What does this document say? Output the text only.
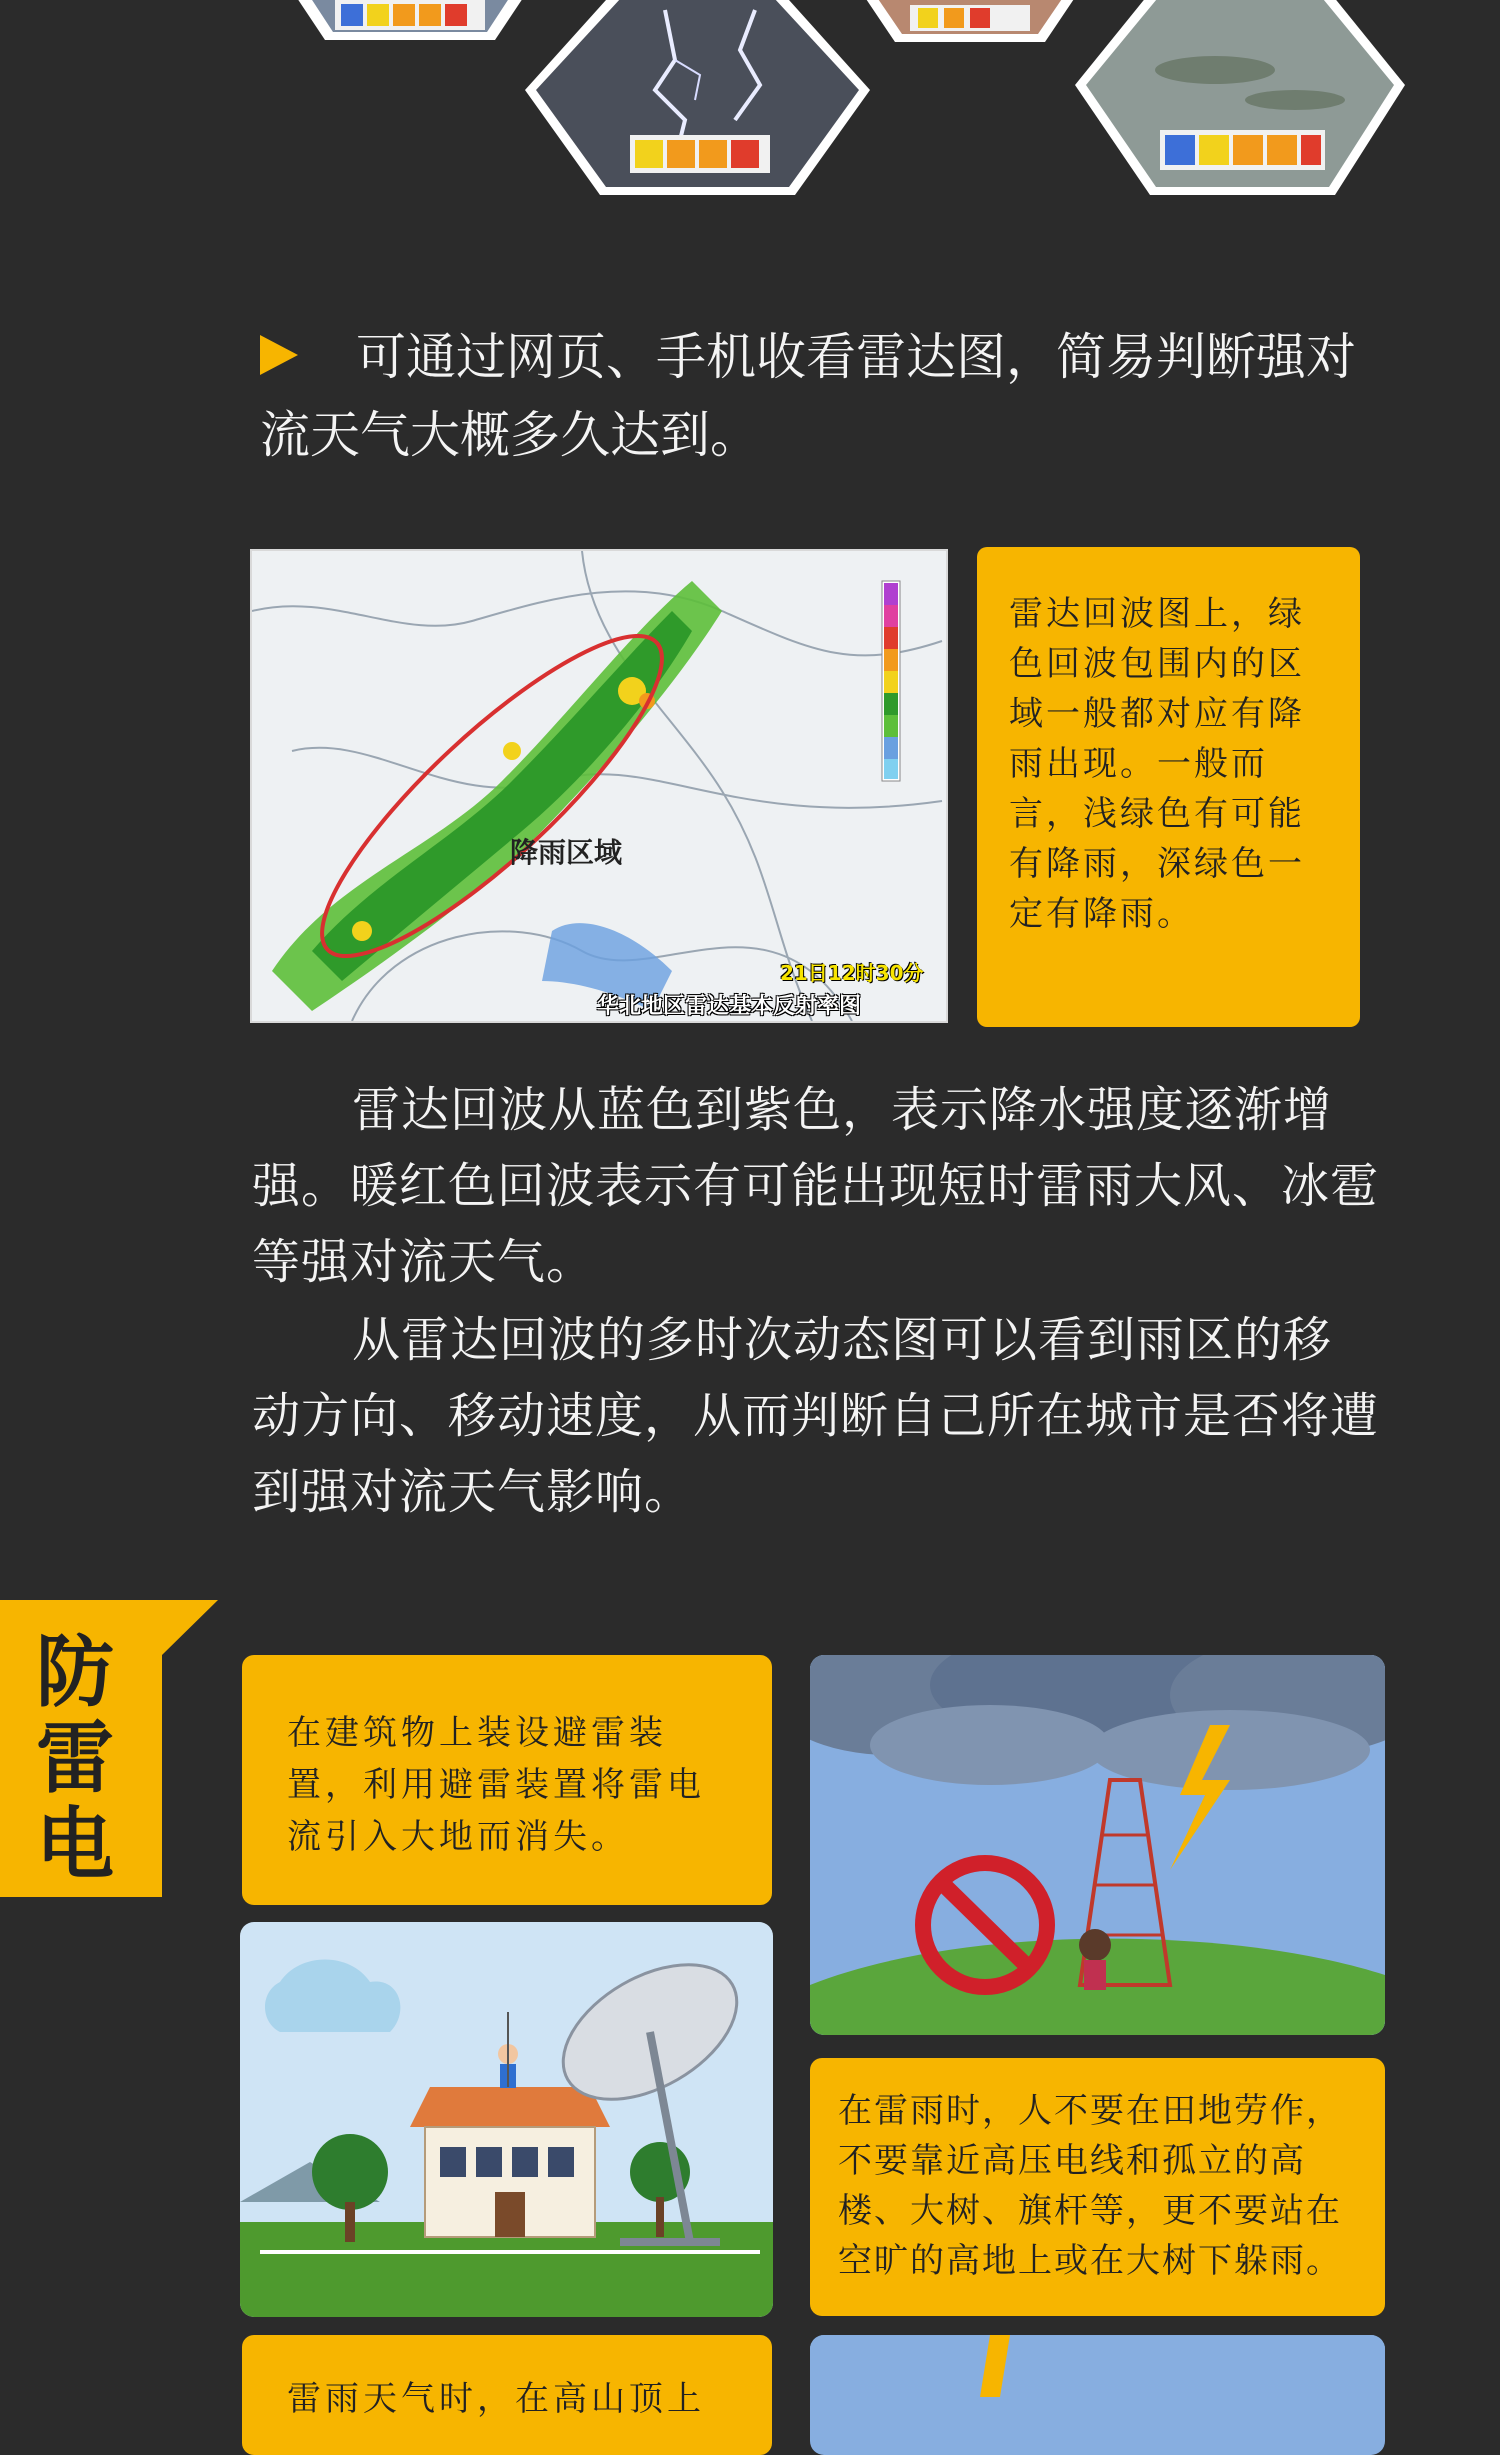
可通过网页、手机收看雷达图，简易判断强对流天气大概多久达到。
降雨区域
21日12时30分
华北地区雷达基本反射率图
雷达回波图上，绿色回波包围内的区域一般都对应有降雨出现。一般而言，浅绿色有可能有降雨，深绿色一定有降雨。
雷达回波从蓝色到紫色，表示降水强度逐渐增强。暖红色回波表示有可能出现短时雷雨大风、冰雹等强对流天气。
从雷达回波的多时次动态图可以看到雨区的移动方向、移动速度，从而判断自己所在城市是否将遭到强对流天气影响。
防雷电
在建筑物上装设避雷装置，利用避雷装置将雷电流引入大地而消失。
在雷雨时，人不要在田地劳作，不要靠近高压电线和孤立的高楼、大树、旗杆等，更不要站在空旷的高地上或在大树下躲雨。
雷雨天气时，在高山顶上
